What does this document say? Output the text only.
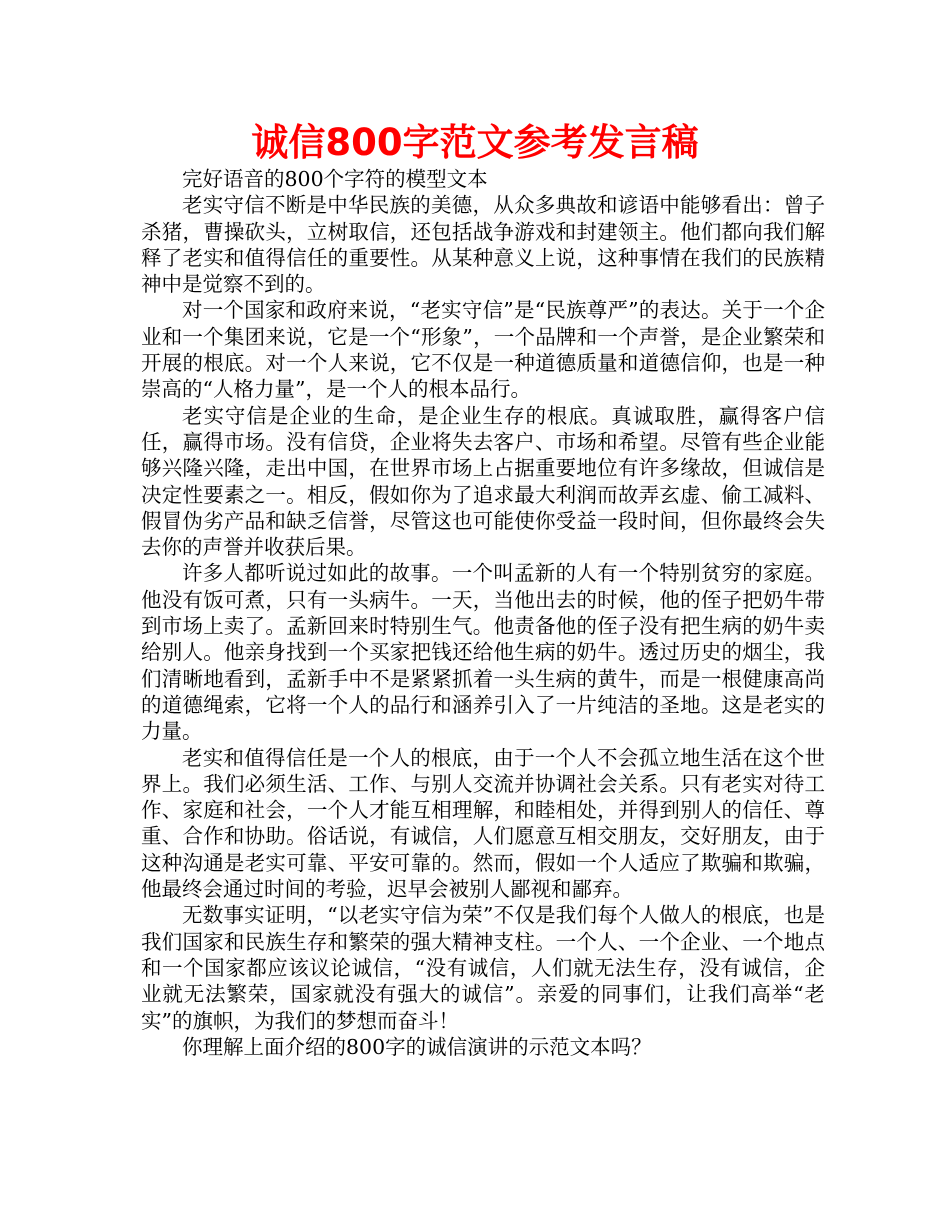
诚信800字范文参考发言稿

完好语音的800个字符的模型文本

老实守信不断是中华民族的美德，从众多典故和谚语中能够看出：曾子杀猪，曹操砍头，立树取信，还包括战争游戏和封建领主。他们都向我们解释了老实和值得信任的重要性。从某种意义上说，这种事情在我们的民族精神中是觉察不到的。

对一个国家和政府来说，“老实守信”是“民族尊严”的表达。关于一个企业和一个集团来说，它是一个“形象”，一个品牌和一个声誉，是企业繁荣和开展的根底。对一个人来说，它不仅是一种道德质量和道德信仰，也是一种崇高的“人格力量”，是一个人的根本品行。

老实守信是企业的生命，是企业生存的根底。真诚取胜，赢得客户信任，赢得市场。没有信贷，企业将失去客户、市场和希望。尽管有些企业能够兴隆兴隆，走出中国，在世界市场上占据重要地位有许多缘故，但诚信是决定性要素之一。相反，假如你为了追求最大利润而故弄玄虚、偷工减料、假冒伪劣产品和缺乏信誉，尽管这也可能使你受益一段时间，但你最终会失去你的声誉并收获后果。

许多人都听说过如此的故事。一个叫孟新的人有一个特别贫穷的家庭。他没有饭可煮，只有一头病牛。一天，当他出去的时候，他的侄子把奶牛带到市场上卖了。孟新回来时特别生气。他责备他的侄子没有把生病的奶牛卖给别人。他亲身找到一个买家把钱还给他生病的奶牛。透过历史的烟尘，我们清晰地看到，孟新手中不是紧紧抓着一头生病的黄牛，而是一根健康高尚的道德绳索，它将一个人的品行和涵养引入了一片纯洁的圣地。这是老实的力量。

老实和值得信任是一个人的根底，由于一个人不会孤立地生活在这个世界上。我们必须生活、工作、与别人交流并协调社会关系。只有老实对待工作、家庭和社会，一个人才能互相理解，和睦相处，并得到别人的信任、尊重、合作和协助。俗话说，有诚信，人们愿意互相交朋友，交好朋友，由于这种沟通是老实可靠、平安可靠的。然而，假如一个人适应了欺骗和欺骗，他最终会通过时间的考验，迟早会被别人鄙视和鄙弃。

无数事实证明，“以老实守信为荣”不仅是我们每个人做人的根底，也是我们国家和民族生存和繁荣的强大精神支柱。一个人、一个企业、一个地点和一个国家都应该议论诚信，“没有诚信，人们就无法生存，没有诚信，企业就无法繁荣，国家就没有强大的诚信”。亲爱的同事们，让我们高举“老实”的旗帜，为我们的梦想而奋斗！

你理解上面介绍的800字的诚信演讲的示范文本吗？
